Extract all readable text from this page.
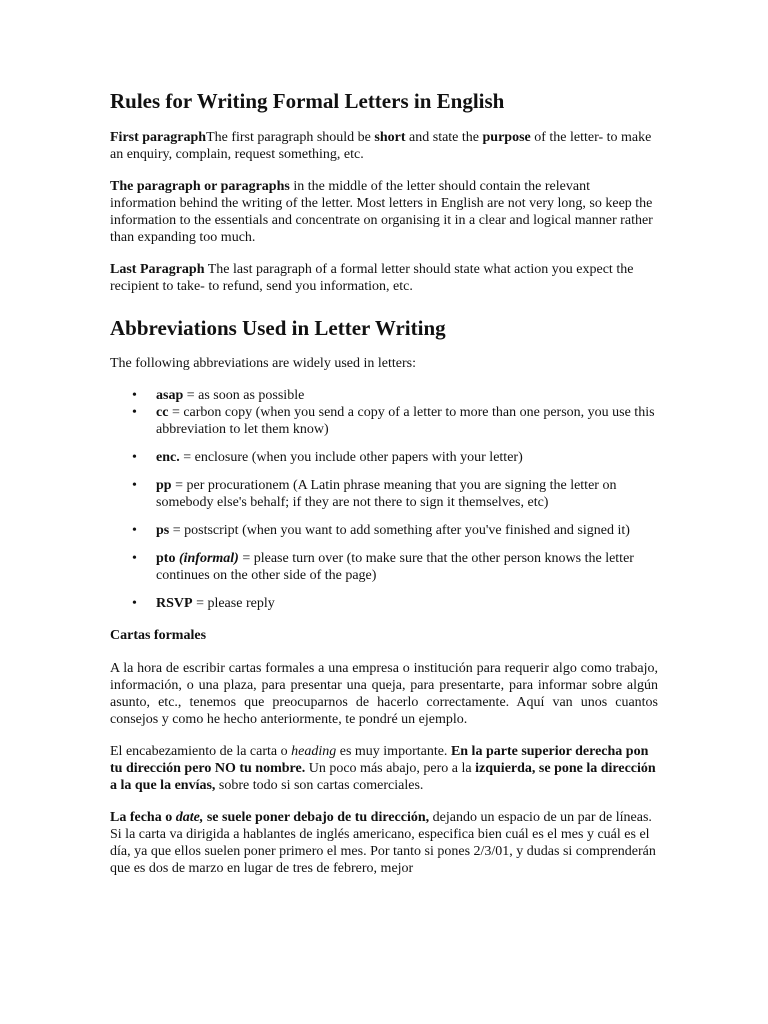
Rules for Writing Formal Letters in English

First paragraphThe first paragraph should be short and state the purpose of the letter- to make an enquiry, complain, request something, etc.

The paragraph or paragraphs in the middle of the letter should contain the relevant information behind the writing of the letter. Most letters in English are not very long, so keep the information to the essentials and concentrate on organising it in a clear and logical manner rather than expanding too much.

Last Paragraph The last paragraph of a formal letter should state what action you expect the recipient to take- to refund, send you information, etc.

Abbreviations Used in Letter Writing

The following abbreviations are widely used in letters:

• asap = as soon as possible
• cc = carbon copy (when you send a copy of a letter to more than one person, you use this abbreviation to let them know)
• enc. = enclosure (when you include other papers with your letter)
• pp = per procurationem (A Latin phrase meaning that you are signing the letter on somebody else's behalf; if they are not there to sign it themselves, etc)
• ps = postscript (when you want to add something after you've finished and signed it)
• pto (informal) = please turn over (to make sure that the other person knows the letter continues on the other side of the page)
• RSVP = please reply

Cartas formales

A la hora de escribir cartas formales a una empresa o institución para requerir algo como trabajo, información, o una plaza, para presentar una queja, para presentarte, para informar sobre algún asunto, etc., tenemos que preocuparnos de hacerlo correctamente. Aquí van unos cuantos consejos y como he hecho anteriormente, te pondré un ejemplo.

El encabezamiento de la carta o heading es muy importante. En la parte superior derecha pon tu dirección pero NO tu nombre. Un poco más abajo, pero a la izquierda, se pone la dirección a la que la envías, sobre todo si son cartas comerciales.

La fecha o date, se suele poner debajo de tu dirección, dejando un espacio de un par de líneas. Si la carta va dirigida a hablantes de inglés americano, especifica bien cuál es el mes y cuál es el día, ya que ellos suelen poner primero el mes. Por tanto si pones 2/3/01, y dudas si comprenderán que es dos de marzo en lugar de tres de febrero, mejor
